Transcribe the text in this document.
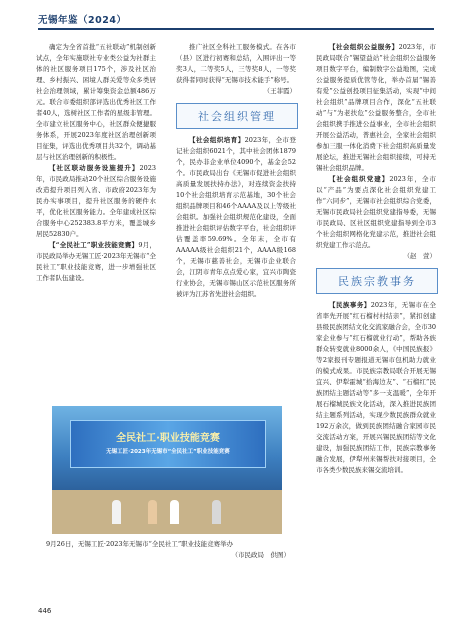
无锡年鉴（2024）

确定为全省首批“五社联动”机制创新试点，全年实施联社专业类公益为社群主体的社区服务项目175个，涉及社区治理、乡村振兴、困境人群关爱等众多类居社会治理领域，累计筹集资金总额486万元。联合市委组织部评选出优秀社区工作者40人，选树社区工作者的星级非管理。全市建立社区服务中心，社区群众便捷服务体系，开展2023年度社区治理创新项目征集，评选出优秀项目共32个，调动基层与社区治理创新的积极性。

【社区联动服务设施提升】2023年，市民政局推动20个社区综合服务设施改造提升项目列入省、市政府2023年为民办实事项目，提升社区服务的硬件水平，优化社区服务能力。全年建成社区综合服务中心252383.8平方米，覆盖城乡居民52830户。

【“全民社工”职业技能竞赛】9月，市民政局举办无锡工匠·2023年无锡市“全民社工”职业技能竞赛，进一步增强社区工作者队伍建设。

推广社区全科社工服务模式。在各市（县）区进行初赛和总结，入围评出一等奖3人，二等奖5人，三等奖8人，一等奖获得者同时获得“无锡市技术能手”称号。

（王菲霞）
社会组织管理

【社会组织培育】2023年，全市登记社会组织6021个，其中社会团体1879个，民办非企业单位4090个，基金会52个。市民政局出台《无锡市促进社会组织高质量发展扶持办法》，对连续资金扶持10个社会组织培育示范基地，30个社会组织品牌项目和46个AAAA及以上等级社会组织。加强社会组织规范化建设，全面推进社会组织评估数字平台，社会组织评估覆盖率59.69%。全年末，全市有AAAAA级社会组织21个，AAAA级168个，无锡市慈善社会，无锡市企业联合会，江阴市青年点点爱心家，宜兴市陶瓷行业协会，无锡市锡山区示范社区服务所被评为江苏省先进社会组织。

【社会组织公益服务】2023年，市民政局联合“锡望益站”社会组织公益服务项目数字平台，编制数字公益地图，完成公益服务提质优管等化，举办首届“锡善有爱”公益创投项目征集活动，实现“中间社会组织”品牌项目合作，深化“五社联动”与“为老扶危”公益服务整合，全市社会组织携手推进公益事业，全市社会组织开展公益活动，普惠社会，全家社会组织参加三服一体化消费下社会组织高质量发展论坛，推进无锡社会组织接续，可持无锡社会组织品牌。

【社会组织党建】2023年，全市以“产品”为要点深化社会组织党建工作“六同步”，无锡市社会组织综合党委，无锡市民政局社会组织党建指导委，无锡市民政局、区社区组织党建指导到全市3个社会组织网格化党建示范，推进社会组织党建工作示范点。

（赵　萱）
民族宗教事务

【民族事务】2023年，无锡市在全省率先开展“红石榴村村结亲”，紧扣创建县级民族团结文化交流家融合会，全市30家企业参与“红石榴就业行动”，帮助各族群众转变就业8000余人，《中国民族报》等2家报刊专题报道无锡市包机助力就业的模式成果。市民族宗教局联合开展无锡宜兴、伊犁霍城“拾海边友”、“石榴红”民族团结主题活动等“多一支温暖”，全年开展石榴城民族文化活动，深入推进民族团结主题系列活动，实现少数民族群众就业192万余次，做到民族团结融合家园市民交流活动方案，开展兴锡民族团结等文化建设，加强民族团结工作，民族宗教事务融合发展，伊犁州来锡帮扶对接项目，全市各类少数民族来锡交流培训。

全民社工·职业技能竞赛
无锡工匠·2023年无锡市“全民社工”职业技能竞赛
9月26日，无锡工匠·2023年无锡市“全民社工”职业技能竞赛举办
（市民政局　供图）
446
